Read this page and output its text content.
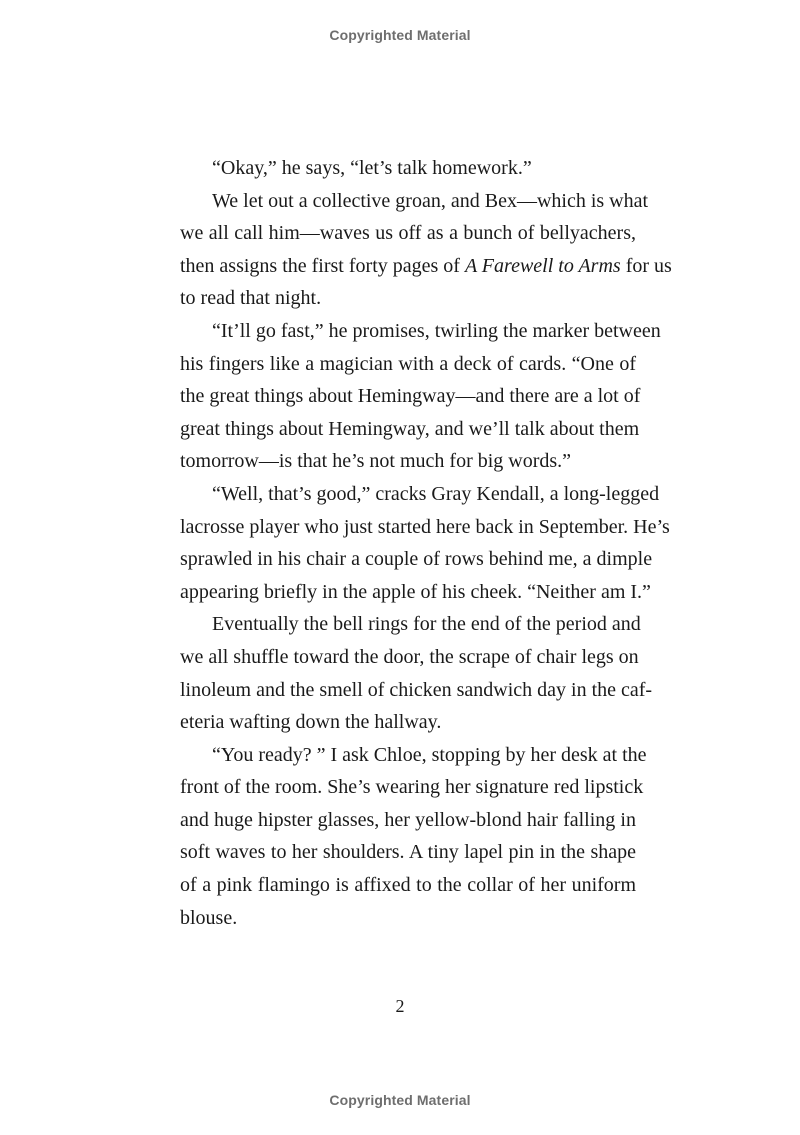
Copyrighted Material

“Okay,” he says, “let’s talk homework.”

We let out a collective groan, and Bex—which is what
we all call him—waves us off as a bunch of bellyachers,
then assigns the first forty pages of A Farewell to Arms for us
to read that night.

“It’ll go fast,” he promises, twirling the marker between
his fingers like a magician with a deck of cards. “One of
the great things about Hemingway—and there are a lot of
great things about Hemingway, and we’ll talk about them
tomorrow—is that he’s not much for big words.”

“Well, that’s good,” cracks Gray Kendall, a long-legged
lacrosse player who just started here back in September. He’s
sprawled in his chair a couple of rows behind me, a dimple
appearing briefly in the apple of his cheek. “Neither am I.”

Eventually the bell rings for the end of the period and
we all shuffle toward the door, the scrape of chair legs on
linoleum and the smell of chicken sandwich day in the caf-
eteria wafting down the hallway.

“You ready? ” I ask Chloe, stopping by her desk at the
front of the room. She’s wearing her signature red lipstick
and huge hipster glasses, her yellow-blond hair falling in
soft waves to her shoulders. A tiny lapel pin in the shape
of a pink flamingo is affixed to the collar of her uniform
blouse.

2
Copyrighted Material
